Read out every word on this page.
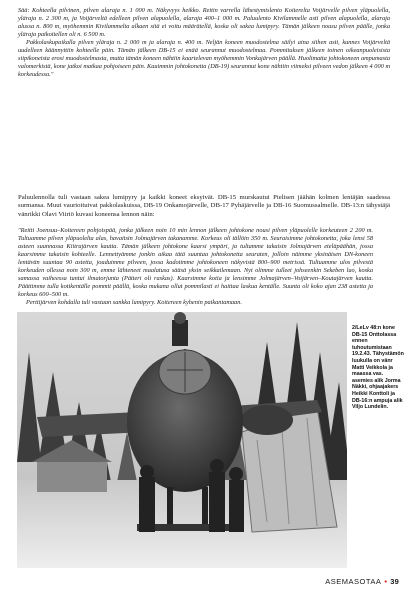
Sää: Kohteella pilvinen, pilven alaraja n. 1 000 m. Näkyvyys heikko. Reitin varrella lähestymislento Koiterelta Voijärvelle pilven yläpuolella, yläraja n. 2 300 m, ja Voijärveltä edelleen pilven alapuolella, alaraja 400–1 000 m. Paluulento Kivilammelle asti pilven alapuolella, alaraja alussa n. 800 m, myöhemmin Kivilammelta alkaen sitä ei voitu määrätellä, koska oli sakea lumipyry. Tämän jälkeen nousu pilven päälle, jonka yläraja paikoitellen oli n. 6 500 m.

Pakkolaskupaikalla pilven yläraja n. 2 000 m ja alaraja n. 400 m. Neljän koneen muodostelma säilyi aina siihen asti, kunnes Voijärveltä uudelleen käännyttiin kohteelle päin. Tämän jälkeen DB-15 ei enää seurannut muodostelmaa. Pommituksen jälkeen toinen oikeanpuoleisista siipikoneista erosi muodostelmasta, mutta tämän koneen nähtiin kaartelevan myöhemmin Vonkajärven päällä. Huolimatta johtokoneen ampumasta valomerkistä, kone jatkoi matkaa pohjoiseen päin. Kauimmin johtokonetta (DB-19) seurannut kone nähtiin viimeksi pilveen vedon jälkeen 4 000 m korkeudessa."

Paluulennolla tuli vastaan sakea lumipyry ja kaikki koneet eksyivät. DB-15 murskautui Pielisen jäähän kolmen lentäjän saadessa surmansa. Muut vaurioituivat pakkolaskuissa, DB-19 Onkamojärvelle, DB-17 Pyhäjärvelle ja DB-16 Suomussalmelle. DB-13:n tähystäjä vänrikki Olavi Viiriö kuvasi koneensa lennon näin:

"Reitti Joensuu–Koitereen pohjoispää, jonka jälkeen noin 10 min lennon jälkeen johtokone nousi pilven yläpuolelle korkeuteen 2 200 m. Tultuamme pilven yläpuolelta alas, havaitsin Jolmajärven takanamme. Korkeus oli tällöin 350 m. Seuraisimme johtokonetta, joka lensi 58 asteen suunnassa Kiitrajärven kautta. Tämän jälkeen johtokone kaarsi ympäri, ja tultamme takaisin Jolmajärven eteläpäähän, jossa kaarsimme takaisin kohteelle. Lennettyämme jonkin aikaa tätä suuntaa johtokonetta seuraten, jolloin näimme yksinäisen DN-koneen lentävän suuntaa 90 astetta, jouduimme pilveen, jossa kadotimme johtokoneen näkyvistä 800–900 metrissä. Tultuamme ulos pilvestä korkeuden ollessa noin 300 m, emme lähteneet maalatusa sääsä yksin seikkailemaan. Nyt olimme tulleet johseenkin Sekeben luo, koska samassa vaiheessa tuntui ilmatorjunta (Pätteri oli raskas). Kaarsimme kotia ja lensimme Jolmajärven–Voijärven–Koutajärven kautta. Päättimme tulla kotikentälle pommit päällä, koska mukana ollut pommilasti ei haittaa laskua kentälle. Suunta oli koko ajan 238 astetta ja korkeus 600–500 m.

Perttijärven kohdalla tuli vastaan sankka lumipyry. Koitereen kyhenin paikantamaan.

2/LeLv 48:n kone DB-15 Onttolassa ennen tuhoutumistaan 19.2.43. Tähystämön luukulla on vänr Matti Veikkola ja maassa vas. asemies alik Jorma Näkki, ohjaajakers Heikki Konttoli ja DB-16:n ampuja alik Viljo Lundelin.
ASEMASOTAA • 39
